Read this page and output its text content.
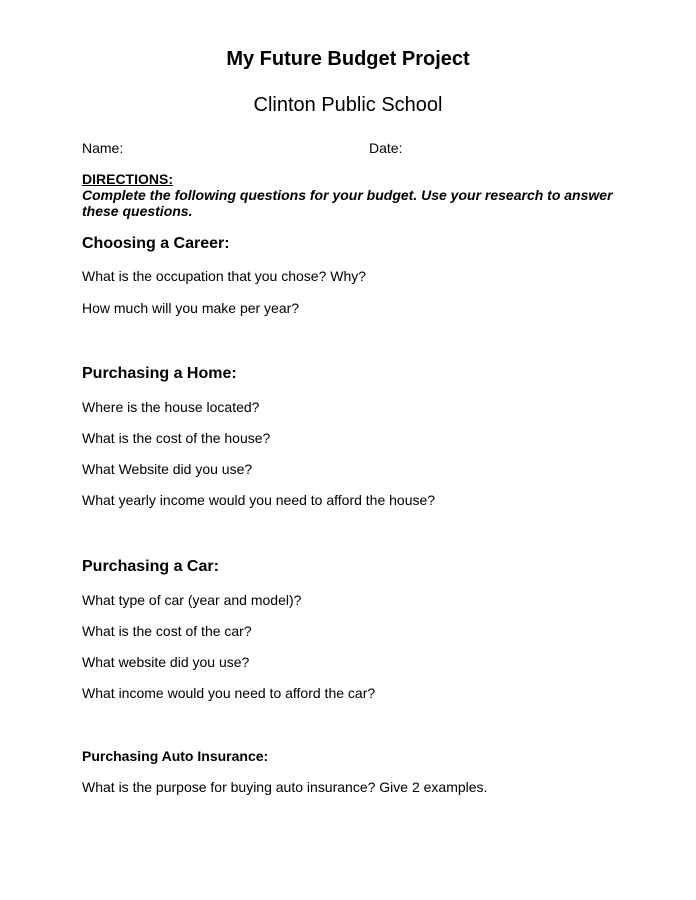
My Future Budget Project
Clinton Public School
Name:	Date:
DIRECTIONS:
Complete the following questions for your budget. Use your research to answer these questions.
Choosing a Career:
What is the occupation that you chose? Why?
How much will you make per year?
Purchasing a Home:
Where is the house located?
What is the cost of the house?
What Website did you use?
What yearly income would you need to afford the house?
Purchasing a Car:
What type of car (year and model)?
What is the cost of the car?
What website did you use?
What income would you need to afford the car?
Purchasing Auto Insurance:
What is the purpose for buying auto insurance? Give 2 examples.
